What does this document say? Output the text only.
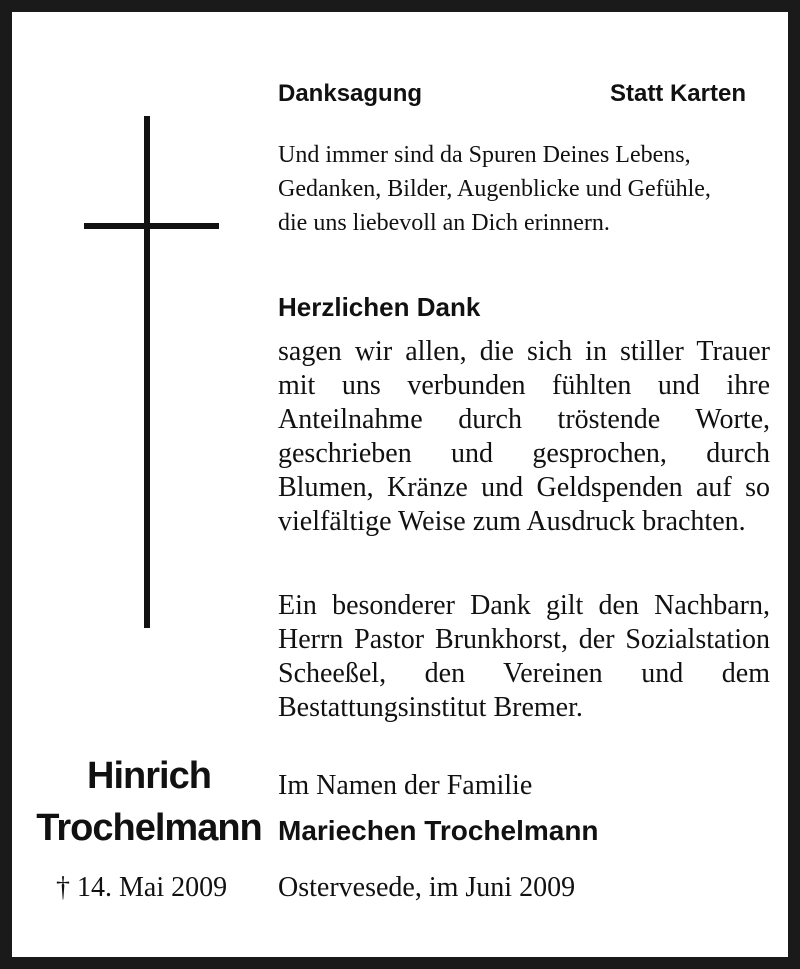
Danksagung	Statt Karten
Und immer sind da Spuren Deines Lebens,
Gedanken, Bilder, Augenblicke und Gefühle,
die uns liebevoll an Dich erinnern.
Herzlichen Dank
sagen wir allen, die sich in stiller Trauer mit uns verbunden fühlten und ihre Anteilnahme durch tröstende Worte, geschrieben und gesprochen, durch Blumen, Kränze und Geldspenden auf so vielfältige Weise zum Ausdruck brachten.
Ein besonderer Dank gilt den Nachbarn, Herrn Pastor Brunkhorst, der Sozialstation Scheeßel, den Vereinen und dem Bestattungsinstitut Bremer.
Hinrich
Trochelmann
† 14. Mai 2009
Im Namen der Familie
Mariechen Trochelmann
Ostervesede, im Juni 2009
